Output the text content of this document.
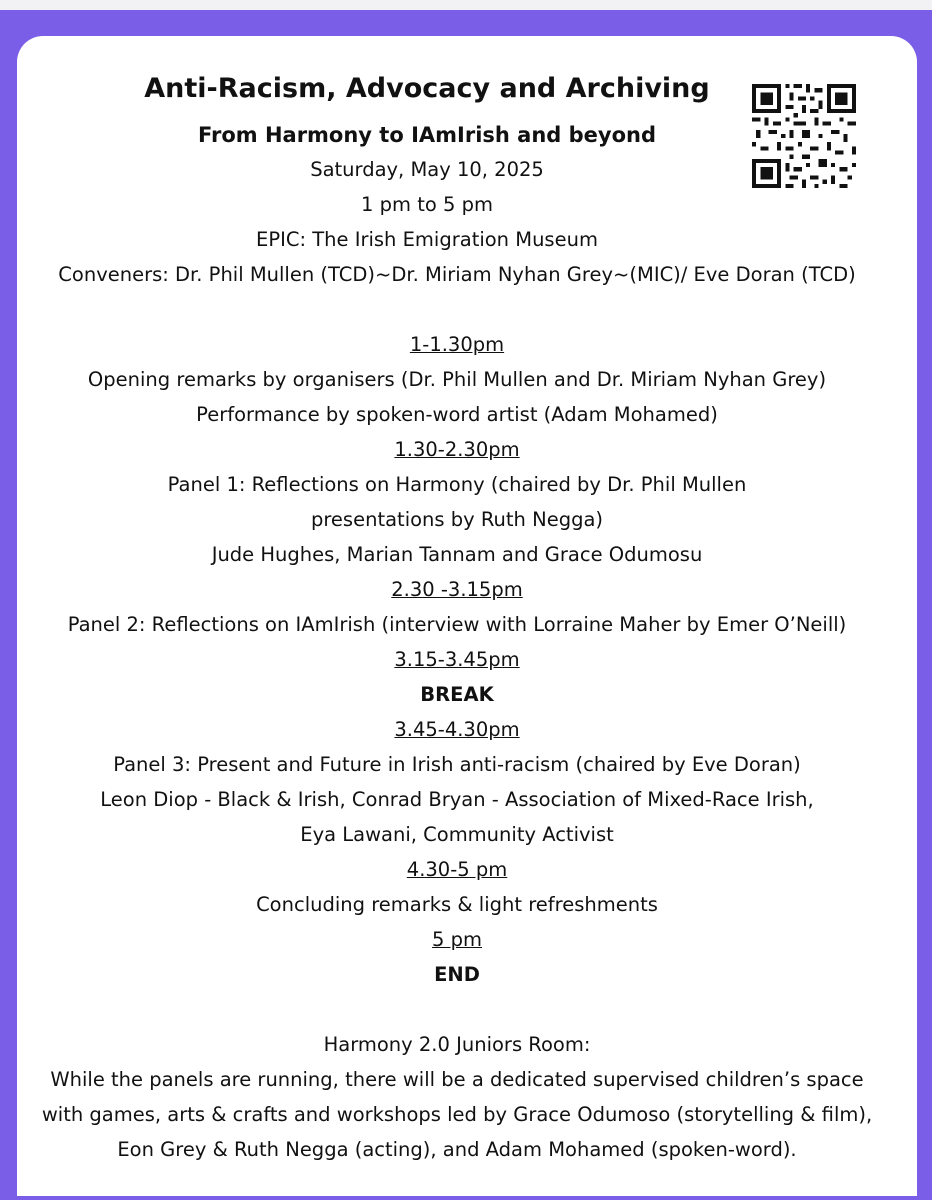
Anti-Racism, Advocacy and Archiving
From Harmony to IAmIrish and beyond
Saturday, May 10, 2025
1 pm to 5 pm
EPIC: The Irish Emigration Museum
Conveners: Dr. Phil Mullen (TCD)~Dr. Miriam Nyhan Grey~(MIC)/ Eve Doran (TCD)
1-1.30pm
Opening remarks by organisers (Dr. Phil Mullen and Dr. Miriam Nyhan Grey)
Performance by spoken-word artist (Adam Mohamed)
1.30-2.30pm
Panel 1: Reflections on Harmony (chaired by Dr. Phil Mullen
presentations by Ruth Negga)
Jude Hughes, Marian Tannam and Grace Odumosu
2.30 -3.15pm
Panel 2: Reflections on IAmIrish (interview with Lorraine Maher by Emer O’Neill)
3.15-3.45pm
BREAK
3.45-4.30pm
Panel 3: Present and Future in Irish anti-racism (chaired by Eve Doran)
Leon Diop - Black & Irish, Conrad Bryan - Association of Mixed-Race Irish,
Eya Lawani, Community Activist
4.30-5 pm
Concluding remarks & light refreshments
5 pm
END
Harmony 2.0 Juniors Room:
While the panels are running, there will be a dedicated supervised children’s space
with games, arts & crafts and workshops led by Grace Odumoso (storytelling & film),
Eon Grey & Ruth Negga (acting), and Adam Mohamed (spoken-word).
